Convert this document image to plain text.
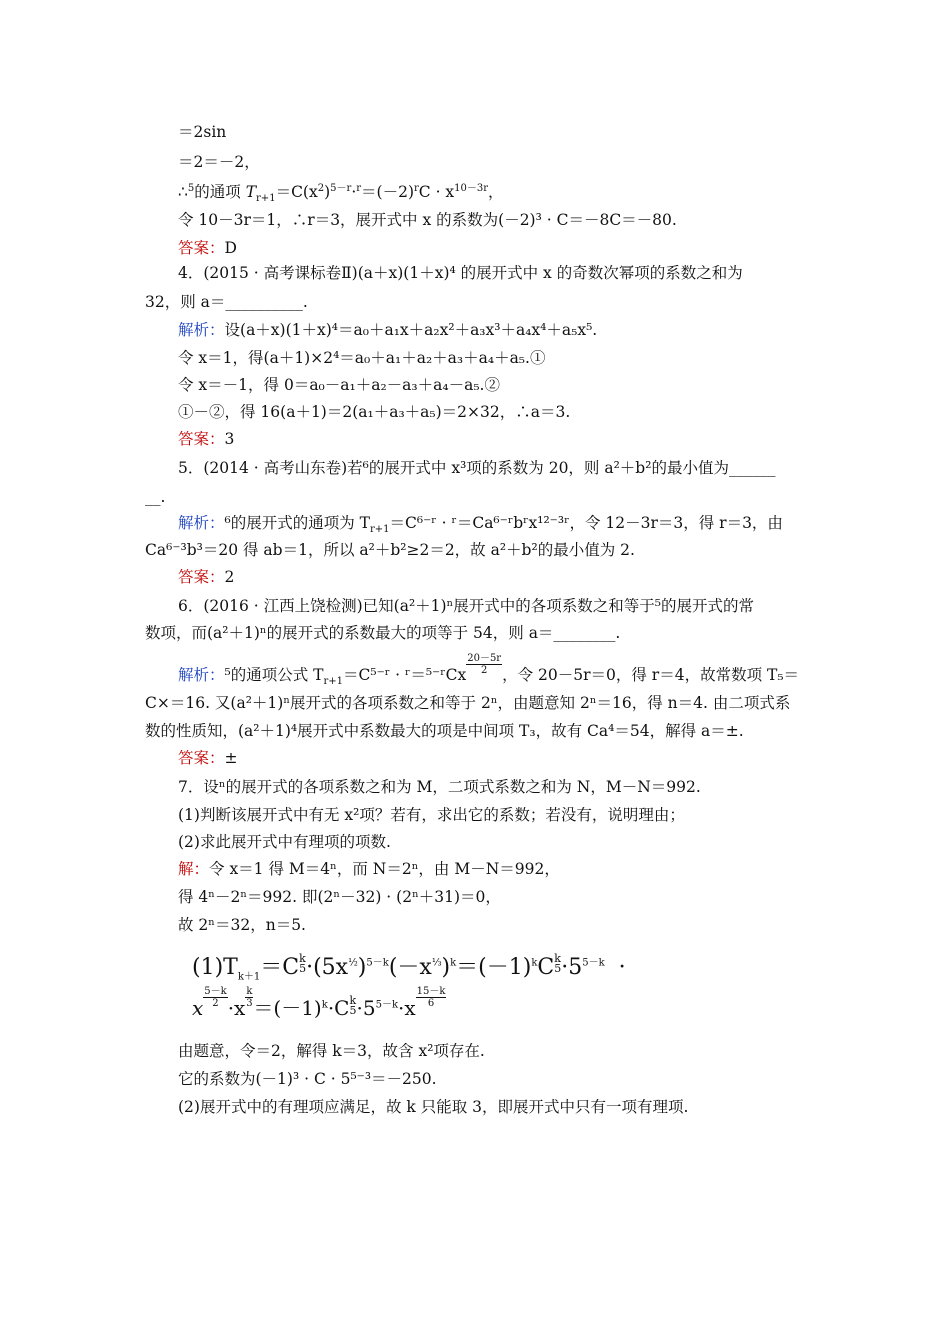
＝2sin
＝2＝－2，
∴$^5$的通项 $T_{r+1}=C(x^2)^{5-r}\cdot^r=(-2)^rC \cdot x^{10-3r}$，
令 10－3r＝1，∴r＝3，展开式中 x 的系数为(－2)³ · C＝－8C＝－80.
答案：D
4．(2015 · 高考课标卷Ⅱ)(a＋x)(1＋x)⁴ 的展开式中 x 的奇数次幂项的系数之和为
32，则 a＝__________.
解析：设(a＋x)(1＋x)⁴＝a₀＋a₁x＋a₂x²＋a₃x³＋a₄x⁴＋a₅x⁵.
令 x＝1，得(a＋1)×2⁴＝a₀＋a₁＋a₂＋a₃＋a₄＋a₅.①
令 x＝－1，得 0＝a₀－a₁＋a₂－a₃＋a₄－a₅.②
①－②，得 16(a＋1)＝2(a₁＋a₃＋a₅)＝2×32，∴a＝3.
答案：3
5．(2014 · 高考山东卷)若⁶的展开式中 x³项的系数为 20，则 a²＋b²的最小值为______
__.
解析：⁶的展开式的通项为 $T_{r+1}=C^{6-}ʳ$ · ʳ＝Ca⁶⁻ʳbʳx¹²⁻³ʳ，令 12－3r＝3，得 r＝3，由
Ca⁶⁻³b³＝20 得 ab＝1，所以 a²＋b²≥2＝2，故 a²＋b²的最小值为 2.
答案：2
6．(2016 · 江西上饶检测)已知(a²＋1)ⁿ展开式中的各项系数之和等于⁵的展开式的常
数项，而(a²＋1)ⁿ的展开式的系数最大的项等于 54，则 a＝________.
解析：⁵的通项公式 $T_{r+1}=C^{5-}ʳ$ · ʳ＝⁵⁻ʳCx $\frac{20-5r}{2}$ ，令 20－5r＝0，得 r＝4，故常数项 T₅＝
C×＝16. 又(a²＋1)ⁿ展开式的各项系数之和等于 2ⁿ，由题意知 2ⁿ＝16，得 n＝4. 由二项式系
数的性质知，(a²＋1)⁴展开式中系数最大的项是中间项 T₃，故有 Ca⁴＝54，解得 a＝±.
答案：±
7．设ⁿ的展开式的各项系数之和为 M，二项式系数之和为 N，M－N＝992.
(1)判断该展开式中有无 x²项？若有，求出它的系数；若没有，说明理由；
(2)求此展开式中有理项的项数.
解：令 x＝1 得 M＝4ⁿ，而 N＝2ⁿ，由 M－N＝992，
得 4ⁿ－2ⁿ＝992. 即(2ⁿ－32) · (2ⁿ＋31)＝0，
故 2ⁿ＝32，n＝5.
$(1)T_{k+1}=C$ k
$5 \cdot(5x^{\frac{1}{2}})^{5-k}(-x^{\frac{1}{3}})^k=(-1)^kC$ k
$5 \cdot 5^{5-k}$ ·
x $\frac{5-k}{2} \cdot x \frac{k}{3} =(-1)^k\cdot C$ k
$5 \cdot 5^{5-k}\cdot x \frac{15-k}{6}$
由题意，令＝2，解得 k＝3，故含 x²项存在.
它的系数为(－1)³ · C · 5⁵⁻³＝－250.
(2)展开式中的有理项应满足，故 k 只能取 3，即展开式中只有一项有理项.
